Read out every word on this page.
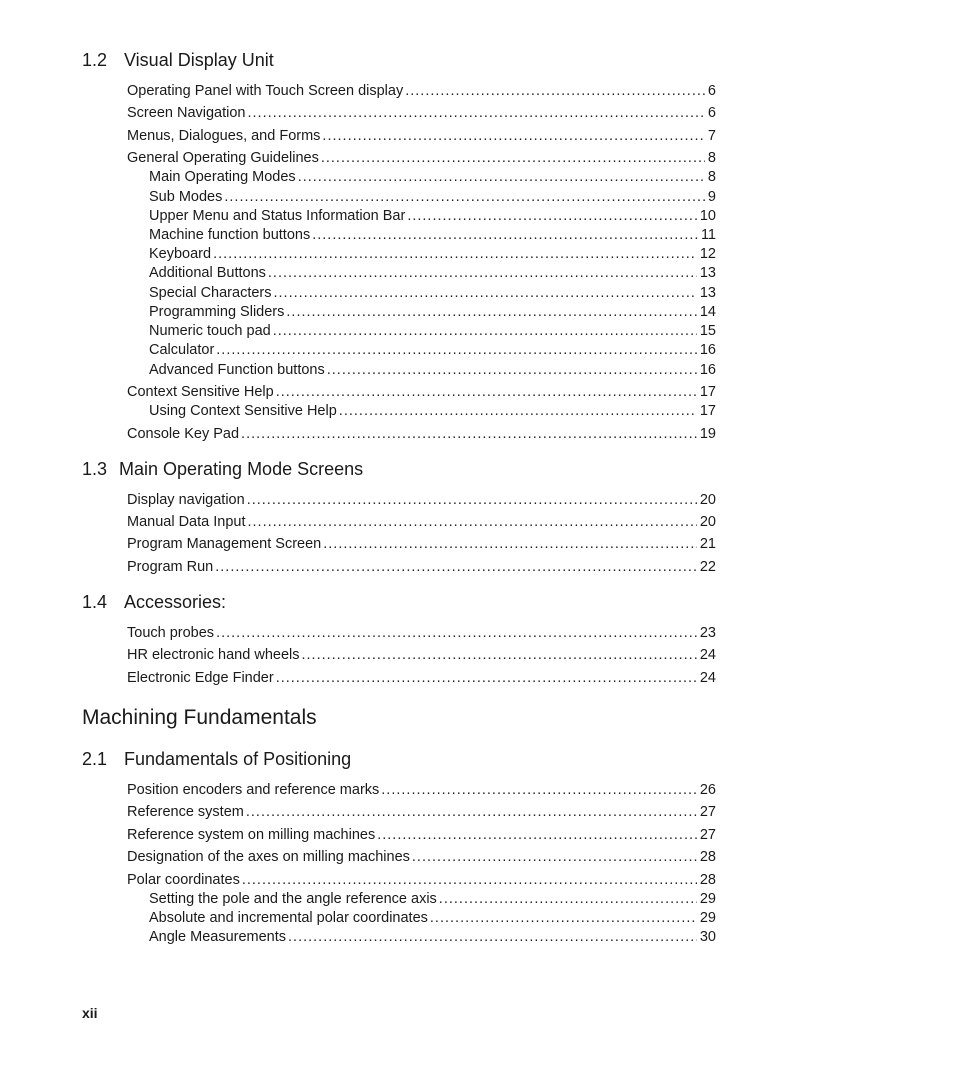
1.2 Visual Display Unit
Operating Panel with Touch Screen display .....	6
Screen Navigation .....	6
Menus, Dialogues, and Forms .....	7
General Operating Guidelines .....	8
Main Operating Modes .....	8
Sub Modes .....	9
Upper Menu and Status Information Bar .....	10
Machine function buttons .....	11
Keyboard .....	12
Additional Buttons .....	13
Special Characters .....	13
Programming Sliders .....	14
Numeric touch pad .....	15
Calculator .....	16
Advanced Function buttons .....	16
Context Sensitive Help .....	17
Using Context Sensitive Help .....	17
Console Key Pad .....	19
1.3 Main Operating Mode Screens
Display navigation .....	20
Manual Data Input .....	20
Program Management Screen .....	21
Program Run .....	22
1.4 Accessories:
Touch probes .....	23
HR electronic hand wheels .....	24
Electronic Edge Finder .....	24
Machining Fundamentals
2.1 Fundamentals of Positioning
Position encoders and reference marks .....	26
Reference system .....	27
Reference system on milling machines .....	27
Designation of the axes on milling machines .....	28
Polar coordinates .....	28
Setting the pole and the angle reference axis .....	29
Absolute and incremental polar coordinates .....	29
Angle Measurements .....	30
xii
